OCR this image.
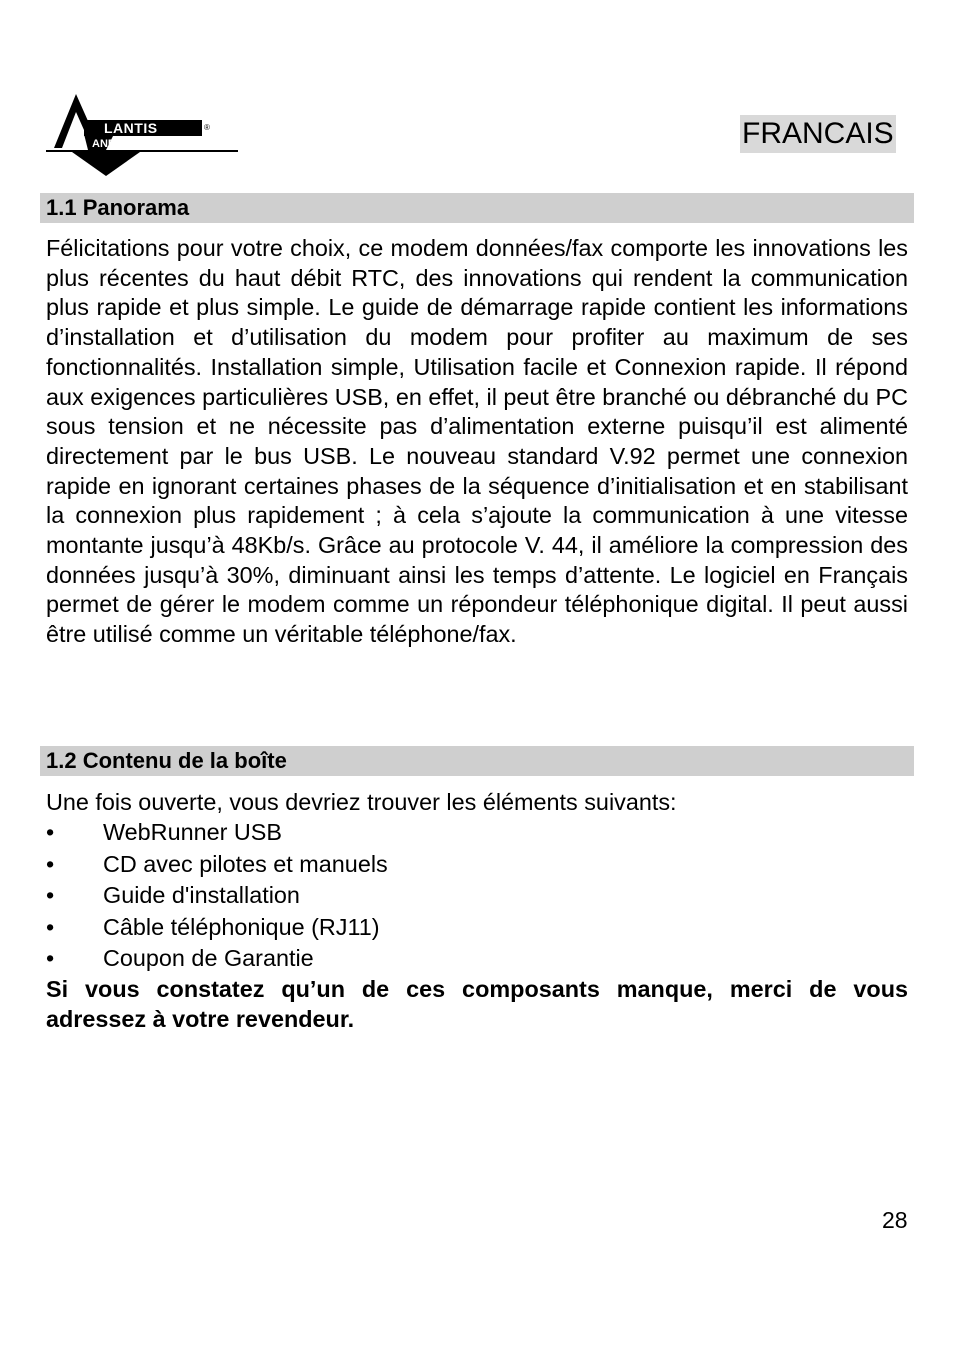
LANTIS	®
AND	FRANCAIS
1.1 Panorama

Félicitations pour votre choix, ce modem données/fax comporte les innovations les plus récentes du haut débit RTC, des innovations qui rendent la communication plus rapide et plus simple. Le guide de démarrage rapide contient les informations d’installation et d’utilisation du modem pour profiter au maximum de ses fonctionnalités. Installation simple, Utilisation facile et Connexion rapide. Il répond aux exigences particulières USB, en effet, il peut être branché ou débranché du PC sous tension et ne nécessite pas d’alimentation externe puisqu’il est alimenté directement par le bus USB. Le nouveau standard V.92 permet une connexion rapide en ignorant certaines phases de la séquence d’initialisation et en stabilisant la connexion plus rapidement ; à cela s’ajoute la communication à une vitesse montante jusqu’à 48Kb/s. Grâce au protocole V. 44, il améliore la compression des données jusqu’à 30%, diminuant ainsi les temps d’attente. Le logiciel en Français permet de gérer le modem comme un répondeur téléphonique digital. Il peut aussi être utilisé comme un véritable téléphone/fax.

1.2 Contenu de la boîte

Une fois ouverte, vous devriez trouver les éléments suivants:

• WebRunner USB
• CD avec pilotes et manuels
• Guide d'installation
• Câble téléphonique (RJ11)
• Coupon de Garantie

Si vous constatez qu’un de ces composants manque, merci de vous adressez à votre revendeur.

28
